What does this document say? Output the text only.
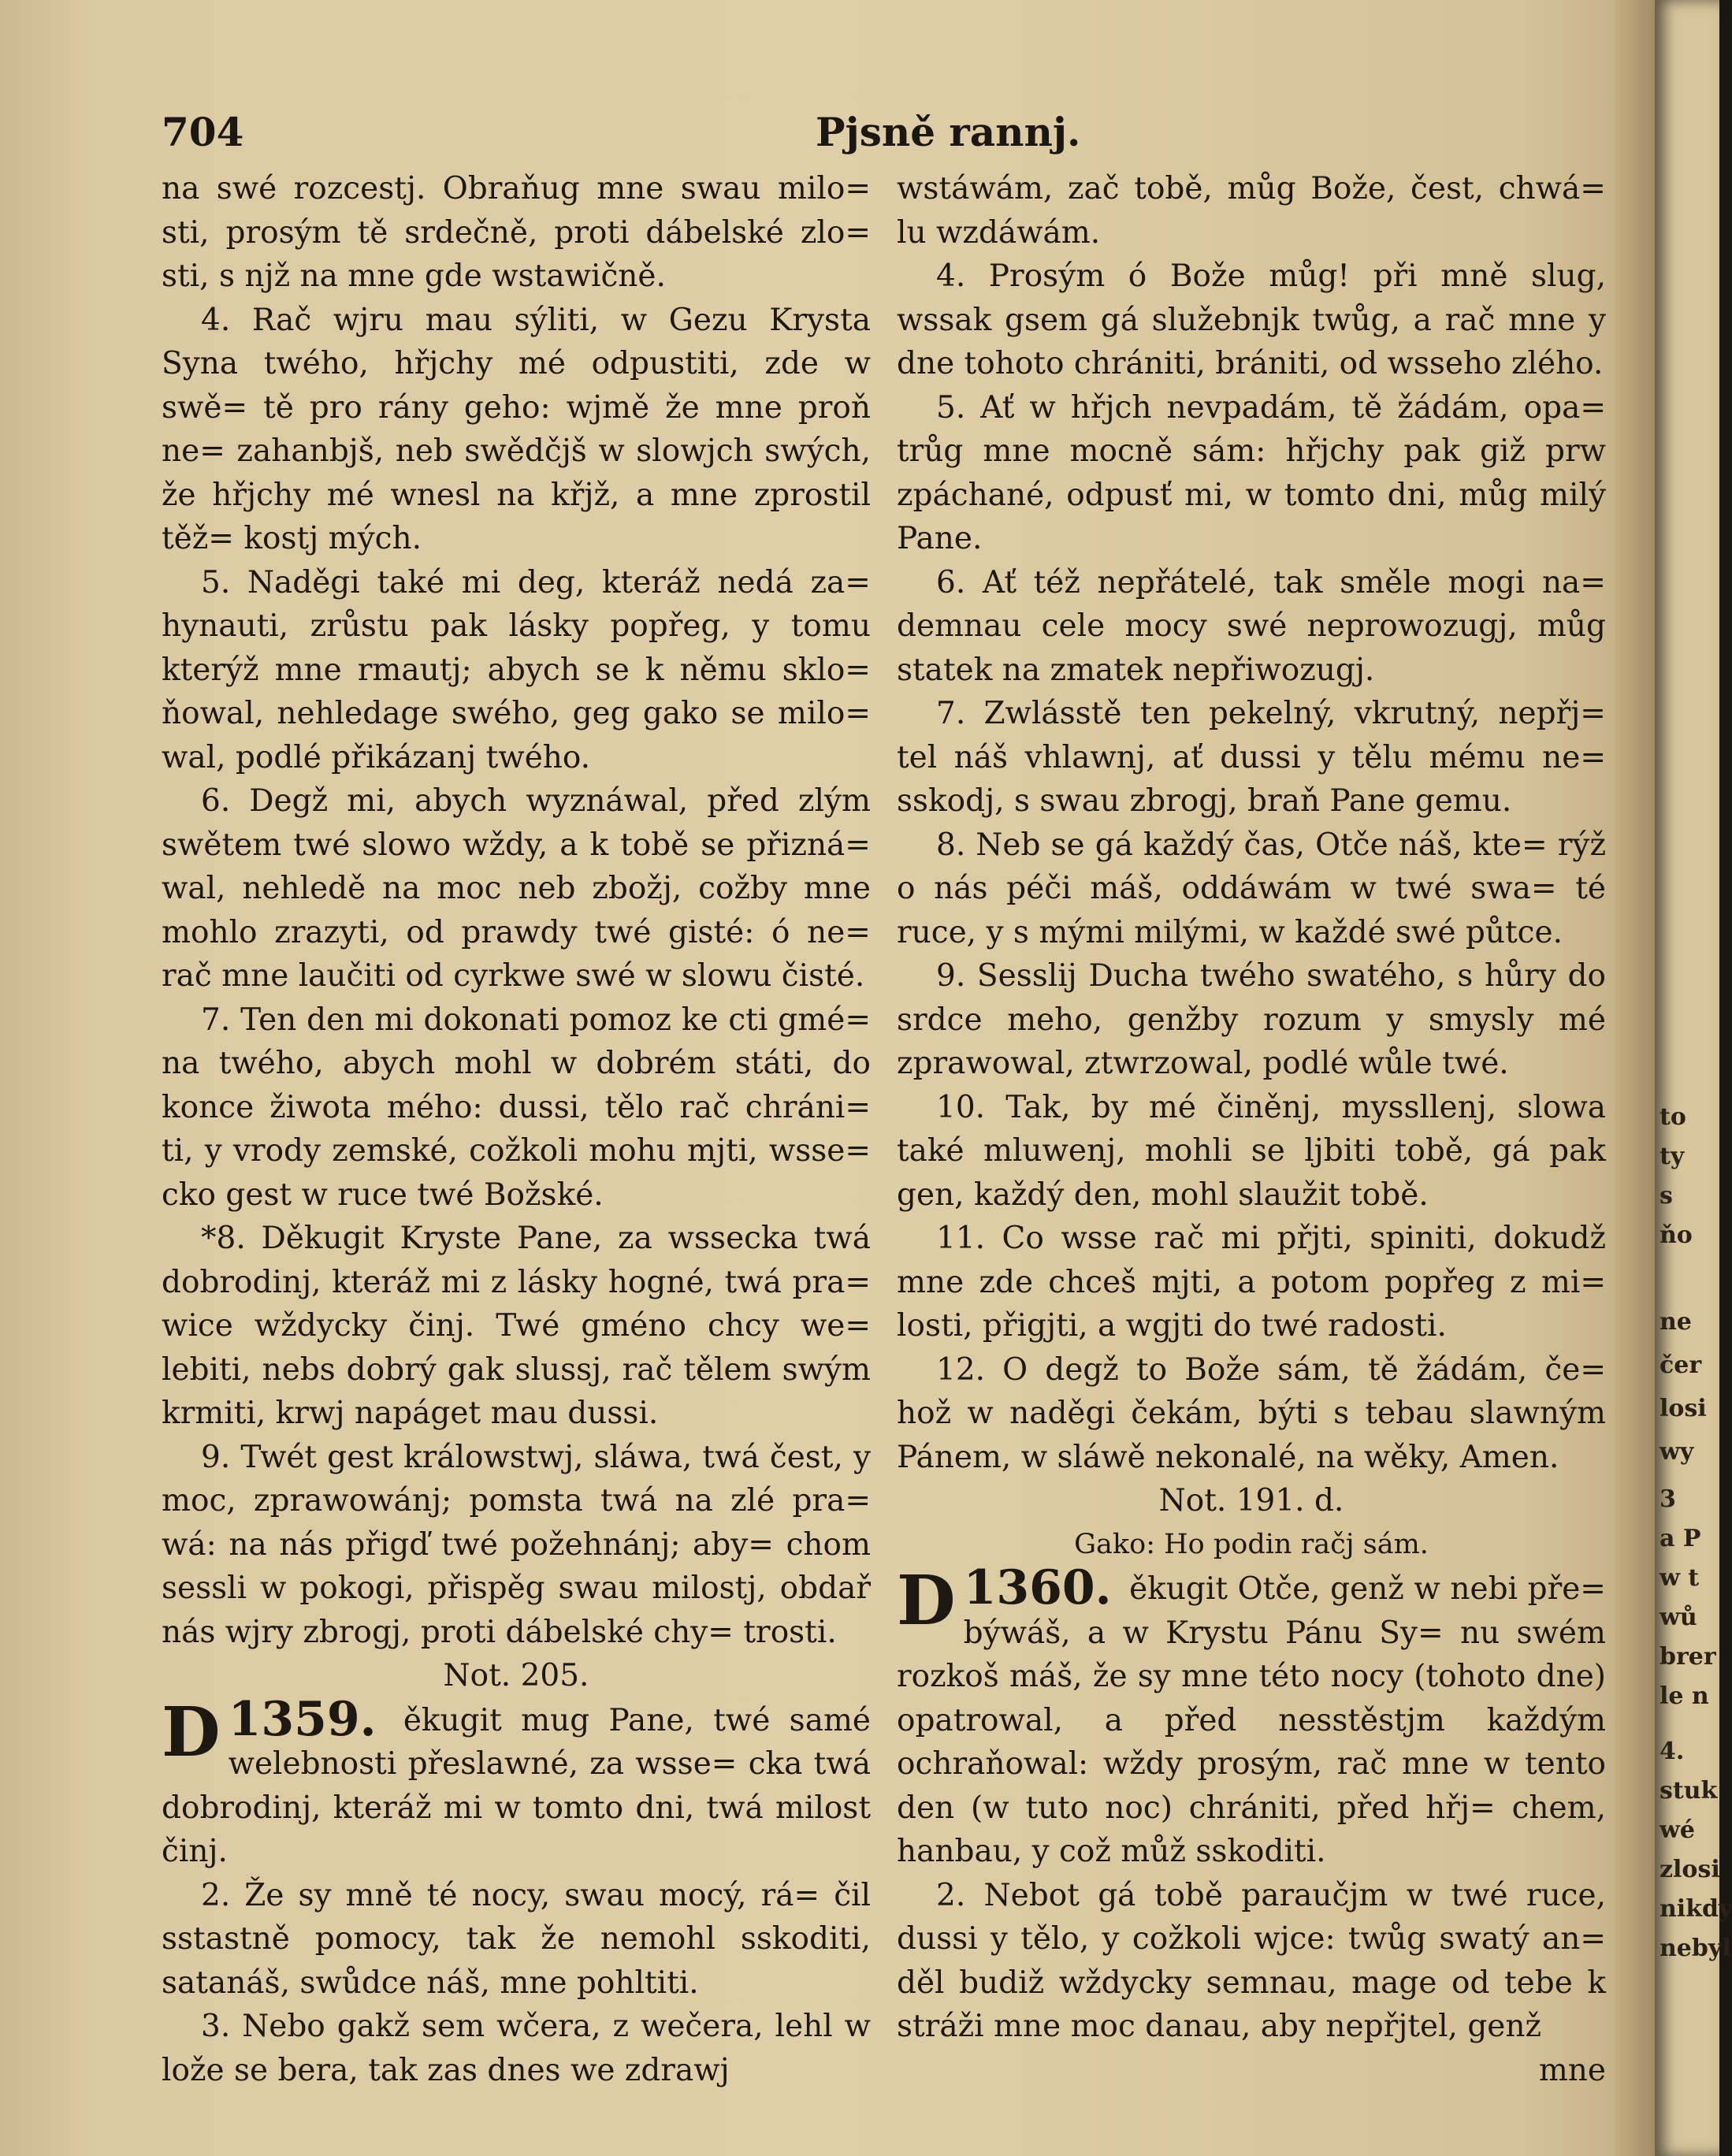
704	Pjsně rannj.

na swé rozcestj. Obraňug mne swau milo= sti, prosým tě srdečně, proti dábelské zlo= sti, s njž na mne gde wstawičně.

4. Rač wjru mau sýliti, w Gezu Krysta Syna twého, hřjchy mé odpustiti, zde w swě= tě pro rány geho: wjmě že mne proň ne= zahanbjš, neb swědčjš w slowjch swých, že hřjchy mé wnesl na křjž, a mne zprostil těž= kostj mých.

5. Naděgi také mi deg, kteráž nedá za= hynauti, zrůstu pak lásky popřeg, y tomu kterýž mne rmautj; abych se k němu sklo= ňowal, nehledage swého, geg gako se milo= wal, podlé přikázanj twého.

6. Degž mi, abych wyznáwal, před zlým swětem twé slowo wždy, a k tobě se přizná= wal, nehledě na moc neb zbožj, cožby mne mohlo zrazyti, od prawdy twé gisté: ó ne= rač mne laučiti od cyrkwe swé w slowu čisté.

7. Ten den mi dokonati pomoz ke cti gmé= na twého, abych mohl w dobrém státi, do konce žiwota mého: dussi, tělo rač chráni= ti, y vrody zemské, cožkoli mohu mjti, wsse= cko gest w ruce twé Božské.

*8. Děkugit Kryste Pane, za wssecka twá dobrodinj, kteráž mi z lásky hogné, twá pra= wice wždycky činj. Twé gméno chcy we= lebiti, nebs dobrý gak slussj, rač tělem swým krmiti, krwj napáget mau dussi.

9. Twét gest králowstwj, sláwa, twá čest, y moc, zprawowánj; pomsta twá na zlé pra= wá: na nás přigď twé požehnánj; aby= chom sessli w pokogi, přispěg swau milostj, obdař nás wjry zbrogj, proti dábelské chy= trosti.

Not. 205.

1359.
D	ěkugit mug Pane, twé samé welebnosti přeslawné, za wsse= cka twá dobrodinj, kteráž mi w tomto dni, twá milost činj.

2. Že sy mně té nocy, swau mocý, rá= čil sstastně pomocy, tak že nemohl sskoditi, satanáš, swůdce náš, mne pohltiti.

3. Nebo gakž sem wčera, z wečera, lehl w lože se bera, tak zas dnes we zdrawj

wstáwám, zač tobě, můg Bože, čest, chwá= lu wzdáwám.

4. Prosým ó Bože můg! při mně slug, wssak gsem gá služebnjk twůg, a rač mne y dne tohoto chrániti, brániti, od wsseho zlého.

5. Ať w hřjch nevpadám, tě žádám, opa= trůg mne mocně sám: hřjchy pak giž prw zpáchané, odpusť mi, w tomto dni, můg milý Pane.

6. Ať též nepřátelé, tak směle mogi na= demnau cele mocy swé neprowozugj, můg statek na zmatek nepřiwozugj.

7. Zwlásstě ten pekelný, vkrutný, nepřj= tel náš vhlawnj, ať dussi y tělu mému ne= sskodj, s swau zbrogj, braň Pane gemu.

8. Neb se gá každý čas, Otče náš, kte= rýž o nás péči máš, oddáwám w twé swa= té ruce, y s mými milými, w každé swé půtce.

9. Sesslij Ducha twého swatého, s hůry do srdce meho, genžby rozum y smysly mé zprawowal, ztwrzowal, podlé wůle twé.

10. Tak, by mé činěnj, myssllenj, slowa také mluwenj, mohli se ljbiti tobě, gá pak gen, každý den, mohl slaužit tobě.

11. Co wsse rač mi přjti, spiniti, dokudž mne zde chceš mjti, a potom popřeg z mi= losti, přigjti, a wgjti do twé radosti.

12. O degž to Bože sám, tě žádám, če= hož w naděgi čekám, býti s tebau slawným Pánem, w sláwě nekonalé, na wěky, Amen.

Not. 191. d.

Gako: Ho podin račj sám.

1360.
D	ěkugit Otče, genž w nebi pře= býwáš, a w Krystu Pánu Sy= nu swém rozkoš máš, že sy mne této nocy (tohoto dne) opatrowal, a před nesstěstjm každým ochraňowal: wždy prosým, rač mne w tento den (w tuto noc) chrániti, před hřj= chem, hanbau, y což můž sskoditi.

2. Nebot gá tobě paraučjm w twé ruce, dussi y tělo, y cožkoli wjce: twůg swatý an= děl budiž wždycky semnau, mage od tebe k stráži mne moc danau, aby nepřjtel, genž

mne

to
ty
s
ňo
ne
čer
losi
wy
3
a P
w t
wů
brer
le n
4.
stuk
wé
zlosi
nikdy
nebyl
